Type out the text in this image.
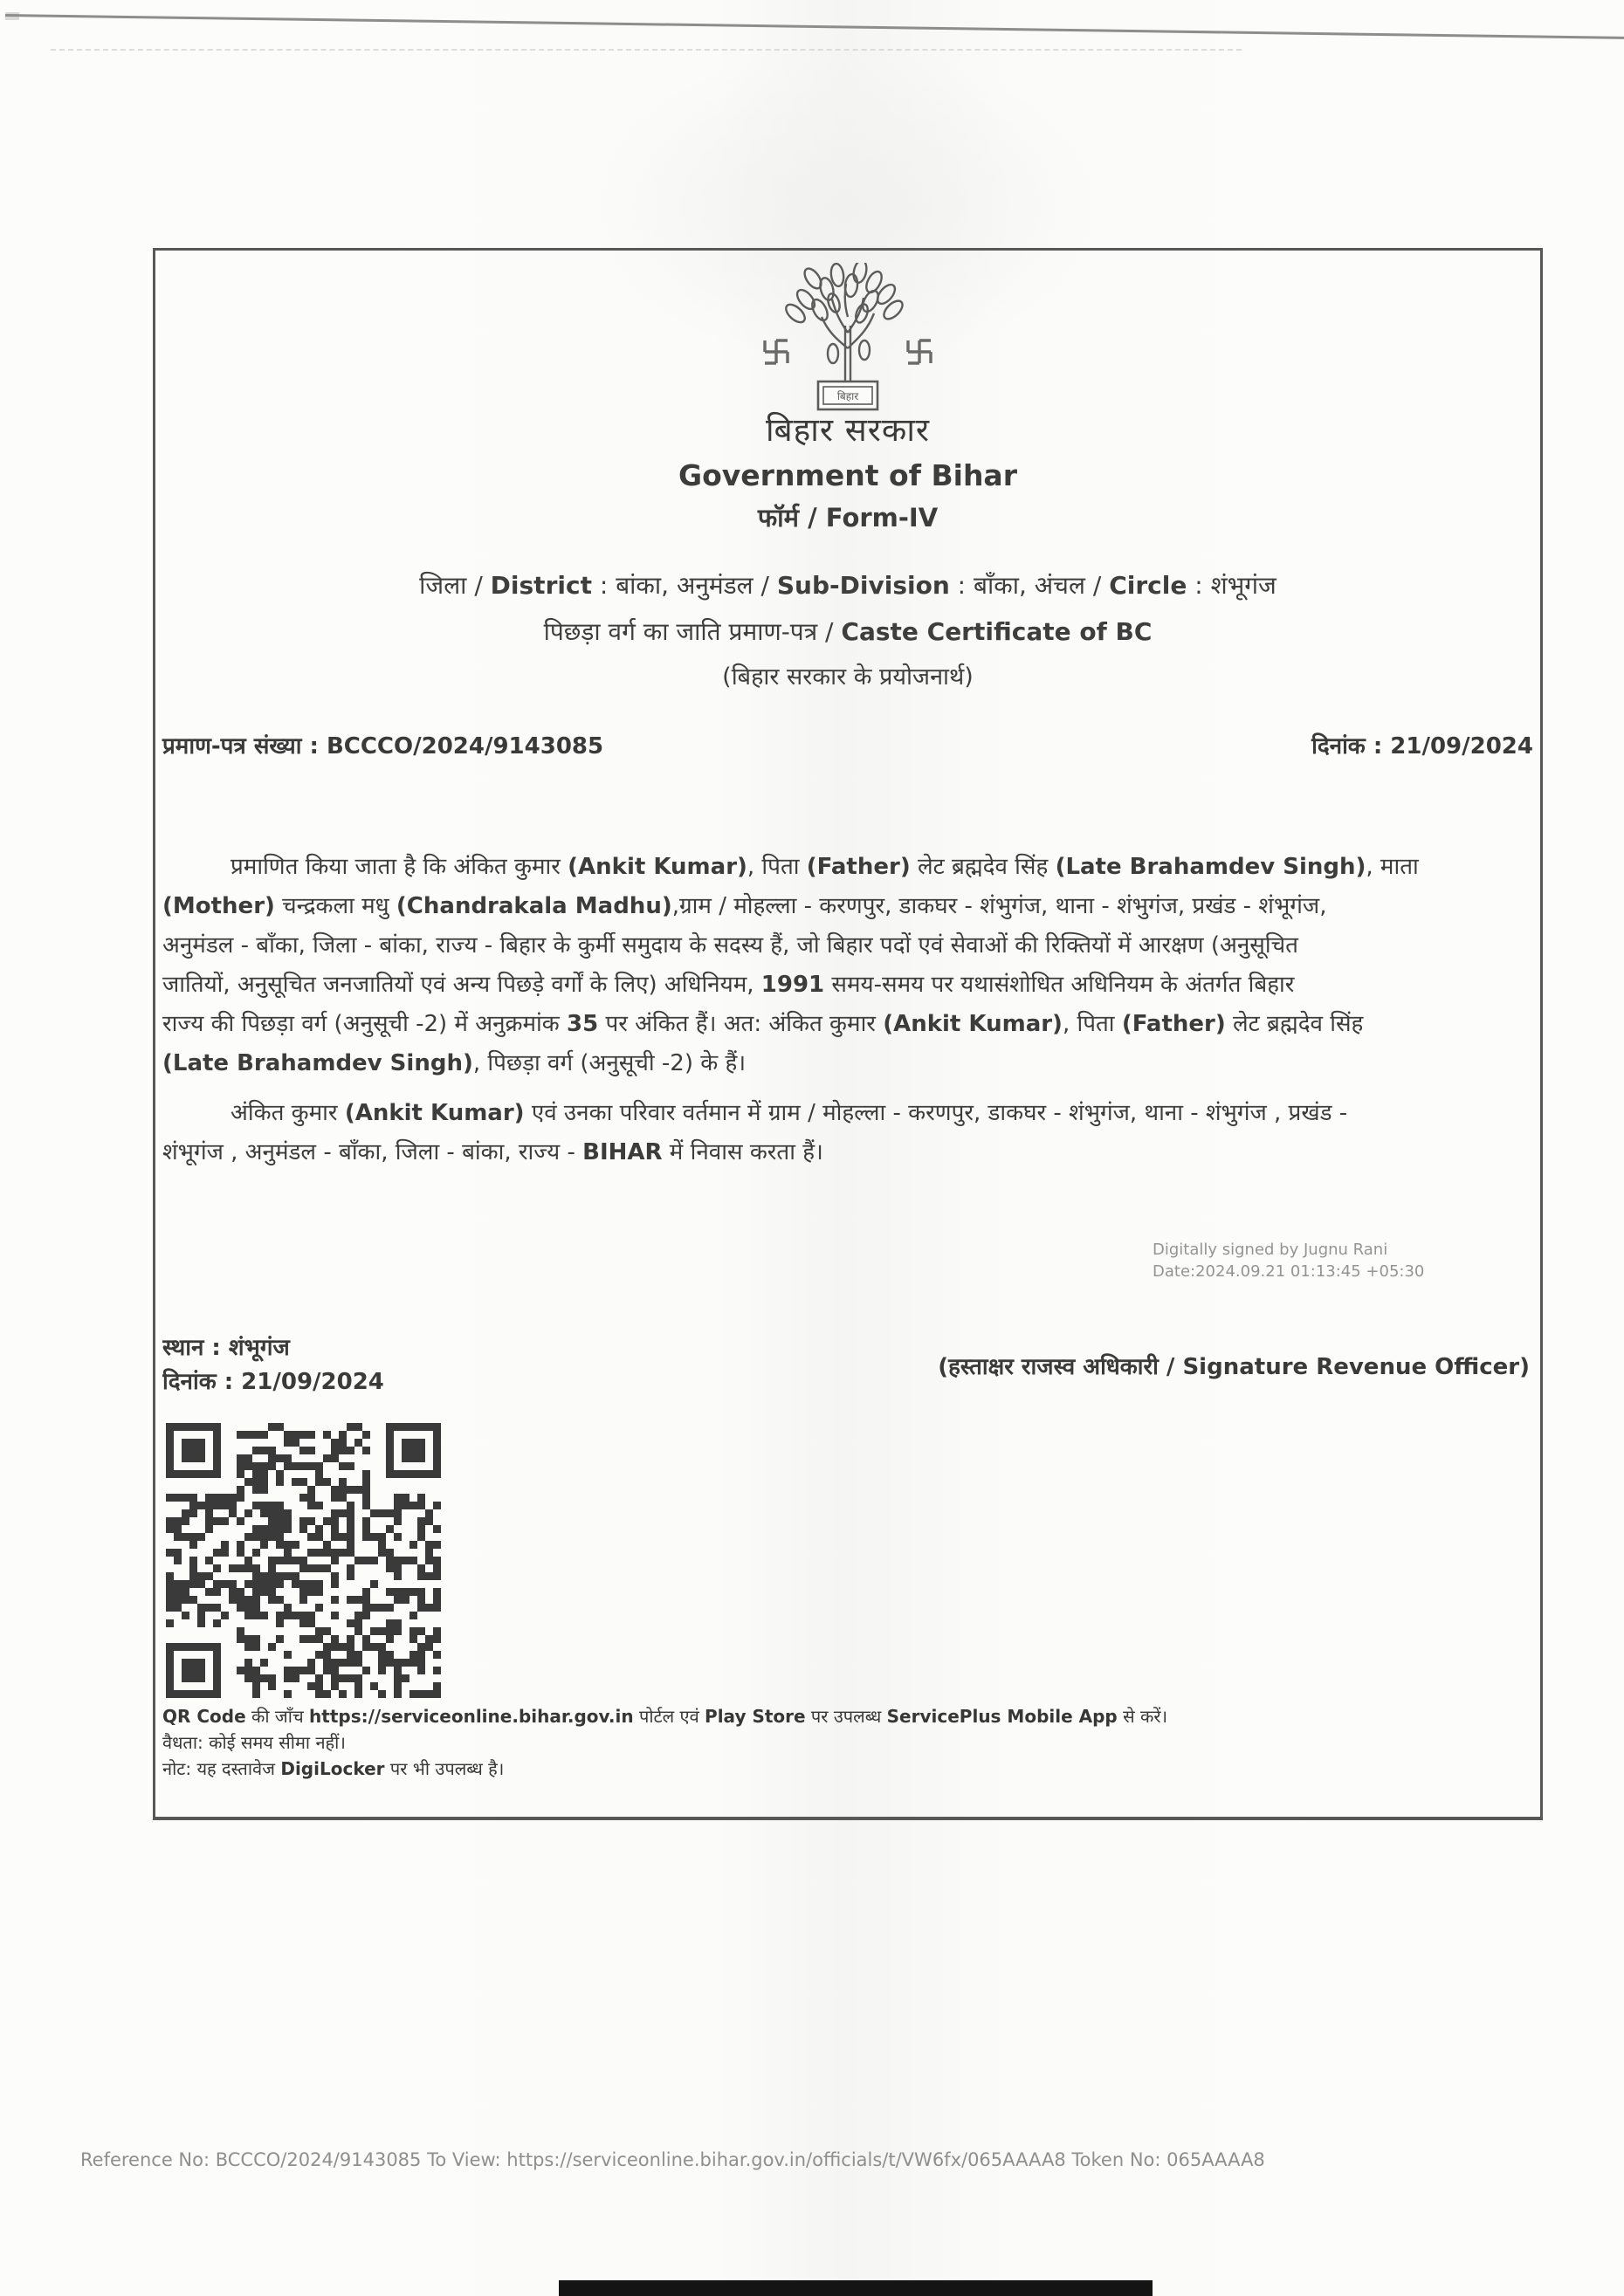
बिहार
बिहार सरकार
Government of Bihar
फॉर्म / Form-IV
जिला / District : बांका, अनुमंडल / Sub-Division : बाँका, अंचल / Circle : शंभूगंज
पिछड़ा वर्ग का जाति प्रमाण-पत्र / Caste Certificate of BC
(बिहार सरकार के प्रयोजनार्थ)
प्रमाण-पत्र संख्या : BCCCO/2024/9143085	दिनांक : 21/09/2024
प्रमाणित किया जाता है कि अंकित कुमार (Ankit Kumar), पिता (Father) लेट ब्रह्मदेव सिंह (Late Brahamdev Singh), माता
(Mother) चन्द्रकला मधु (Chandrakala Madhu),ग्राम / मोहल्ला - करणपुर, डाकघर - शंभुगंज, थाना - शंभुगंज, प्रखंड - शंभूगंज,
अनुमंडल - बाँका, जिला - बांका, राज्य - बिहार के कुर्मी समुदाय के सदस्य हैं, जो बिहार पदों एवं सेवाओं की रिक्तियों में आरक्षण (अनुसूचित
जातियों, अनुसूचित जनजातियों एवं अन्य पिछड़े वर्गों के लिए) अधिनियम, 1991 समय-समय पर यथासंशोधित अधिनियम के अंतर्गत बिहार
राज्य की पिछड़ा वर्ग (अनुसूची -2) में अनुक्रमांक 35 पर अंकित हैं। अत: अंकित कुमार (Ankit Kumar), पिता (Father) लेट ब्रह्मदेव सिंह
(Late Brahamdev Singh), पिछड़ा वर्ग (अनुसूची -2) के हैं।
अंकित कुमार (Ankit Kumar) एवं उनका परिवार वर्तमान में ग्राम / मोहल्ला - करणपुर, डाकघर - शंभुगंज, थाना - शंभुगंज , प्रखंड -
शंभूगंज , अनुमंडल - बाँका, जिला - बांका, राज्य - BIHAR में निवास करता हैं।
Digitally signed by Jugnu Rani
Date:2024.09.21 01:13:45 +05:30
स्थान : शंभूगंज
दिनांक : 21/09/2024
(हस्ताक्षर राजस्व अधिकारी / Signature Revenue Officer)
QR Code की जाँच https://serviceonline.bihar.gov.in पोर्टल एवं Play Store पर उपलब्ध ServicePlus Mobile App से करें।
वैधता: कोई समय सीमा नहीं।
नोट: यह दस्तावेज DigiLocker पर भी उपलब्ध है।
Reference No: BCCCO/2024/9143085 To View: https://serviceonline.bihar.gov.in/officials/t/VW6fx/065AAAA8 Token No: 065AAAA8
